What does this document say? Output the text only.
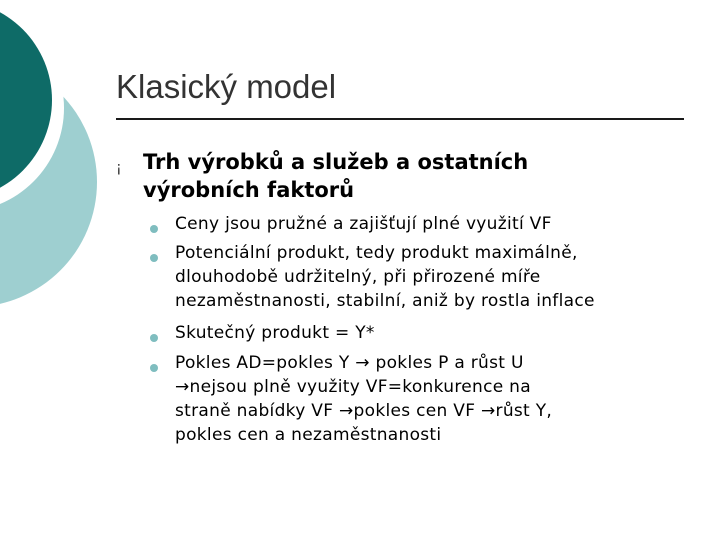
Klasický model
¡ Trh výrobků a služeb a ostatních
výrobních faktorů
Ceny jsou pružné a zajišťují plné využití VF
Potenciální produkt, tedy produkt maximálně,
dlouhodobě udržitelný, při přirozené míře
nezaměstnanosti, stabilní, aniž by rostla inflace
Skutečný produkt = Y*
Pokles AD=pokles Y → pokles P a růst U
→nejsou plně využity VF=konkurence na
straně nabídky VF →pokles cen VF →růst Y,
pokles cen a nezaměstnanosti
